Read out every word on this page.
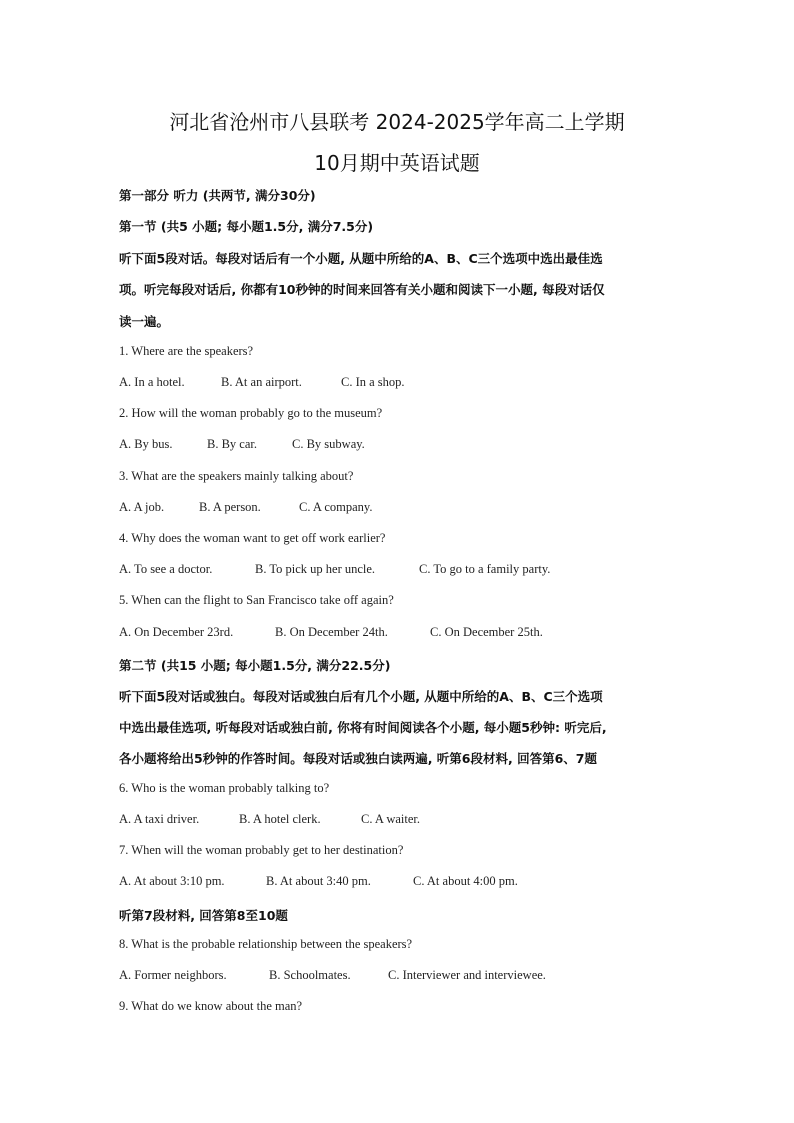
河北省沧州市八县联考 2024-2025学年高二上学期
10月期中英语试题
第一部分 听力 (共两节, 满分30分)
第一节 (共5 小题; 每小题1.5分, 满分7.5分)
听下面5段对话。每段对话后有一个小题, 从题中所给的A、B、C三个选项中选出最佳选
项。听完每段对话后, 你都有10秒钟的时间来回答有关小题和阅读下一小题, 每段对话仅
读一遍。
1. Where are the speakers?
A. In a hotel.	B. At an airport.	C. In a shop.
2. How will the woman probably go to the museum?
A. By bus.	B. By car.	C. By subway.
3. What are the speakers mainly talking about?
A. A job.	B. A person.	C. A company.
4. Why does the woman want to get off work earlier?
A. To see a doctor.	B. To pick up her uncle.	C. To go to a family party.
5. When can the flight to San Francisco take off again?
A. On December 23rd.	B. On December 24th.	C. On December 25th.
第二节 (共15 小题; 每小题1.5分, 满分22.5分)
听下面5段对话或独白。每段对话或独白后有几个小题, 从题中所给的A、B、C三个选项
中选出最佳选项, 听每段对话或独白前, 你将有时间阅读各个小题, 每小题5秒钟: 听完后,
各小题将给出5秒钟的作答时间。每段对话或独白读两遍, 听第6段材料, 回答第6、7题
6. Who is the woman probably talking to?
A. A taxi driver.	B. A hotel clerk.	C. A waiter.
7. When will the woman probably get to her destination?
A. At about 3:10 pm.	B. At about 3:40 pm.	C. At about 4:00 pm.
听第7段材料, 回答第8至10题
8. What is the probable relationship between the speakers?
A. Former neighbors.	B. Schoolmates.	C. Interviewer and interviewee.
9. What do we know about the man?
